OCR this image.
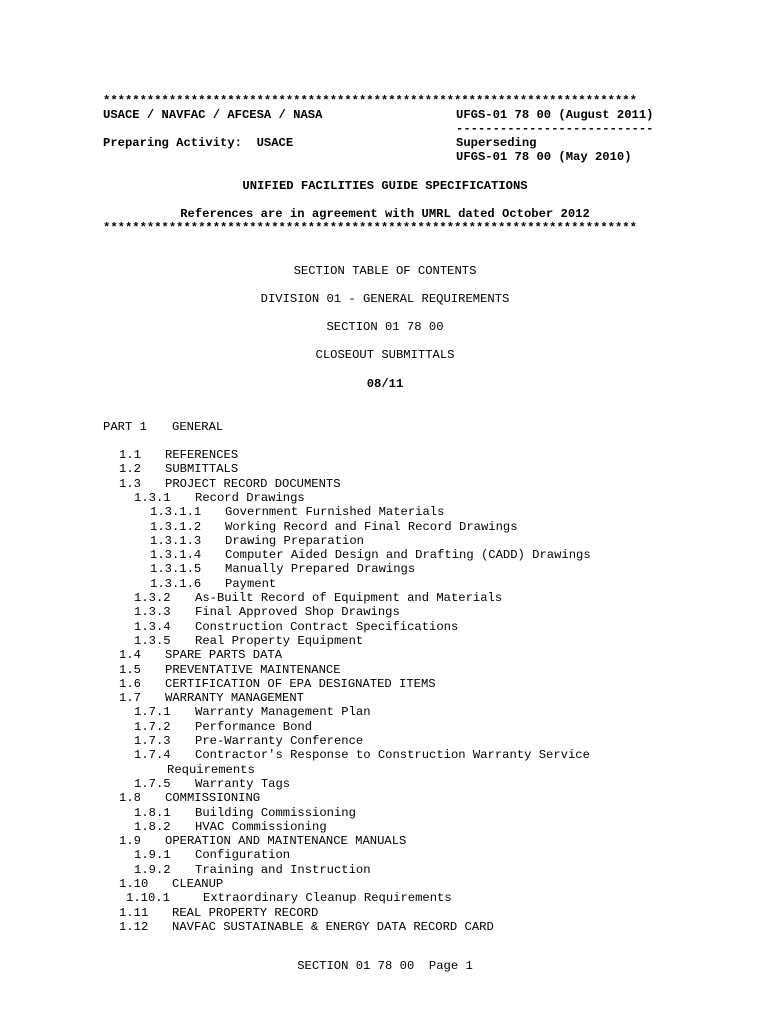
*************************************************************************
USACE / NAVFAC / AFCESA / NASA	UFGS-01 78 00 (August 2011)
---------------------------
Preparing Activity:  USACE	Superseding
UFGS-01 78 00 (May 2010)
UNIFIED FACILITIES GUIDE SPECIFICATIONS
References are in agreement with UMRL dated October 2012
*************************************************************************
SECTION TABLE OF CONTENTS
DIVISION 01 - GENERAL REQUIREMENTS
SECTION 01 78 00
CLOSEOUT SUBMITTALS
08/11
PART 1 GENERAL
1.1 REFERENCES
1.2 SUBMITTALS
1.3 PROJECT RECORD DOCUMENTS
1.3.1 Record Drawings
1.3.1.1 Government Furnished Materials
1.3.1.2 Working Record and Final Record Drawings
1.3.1.3 Drawing Preparation
1.3.1.4 Computer Aided Design and Drafting (CADD) Drawings
1.3.1.5 Manually Prepared Drawings
1.3.1.6 Payment
1.3.2 As-Built Record of Equipment and Materials
1.3.3 Final Approved Shop Drawings
1.3.4 Construction Contract Specifications
1.3.5 Real Property Equipment
1.4 SPARE PARTS DATA
1.5 PREVENTATIVE MAINTENANCE
1.6 CERTIFICATION OF EPA DESIGNATED ITEMS
1.7 WARRANTY MANAGEMENT
1.7.1 Warranty Management Plan
1.7.2 Performance Bond
1.7.3 Pre-Warranty Conference
1.7.4 Contractor's Response to Construction Warranty Service
Requirements
1.7.5 Warranty Tags
1.8 COMMISSIONING
1.8.1 Building Commissioning
1.8.2 HVAC Commissioning
1.9 OPERATION AND MAINTENANCE MANUALS
1.9.1 Configuration
1.9.2 Training and Instruction
1.10 CLEANUP
1.10.1	Extraordinary Cleanup Requirements
1.11 REAL PROPERTY RECORD
1.12 NAVFAC SUSTAINABLE & ENERGY DATA RECORD CARD
SECTION 01 78 00  Page 1
